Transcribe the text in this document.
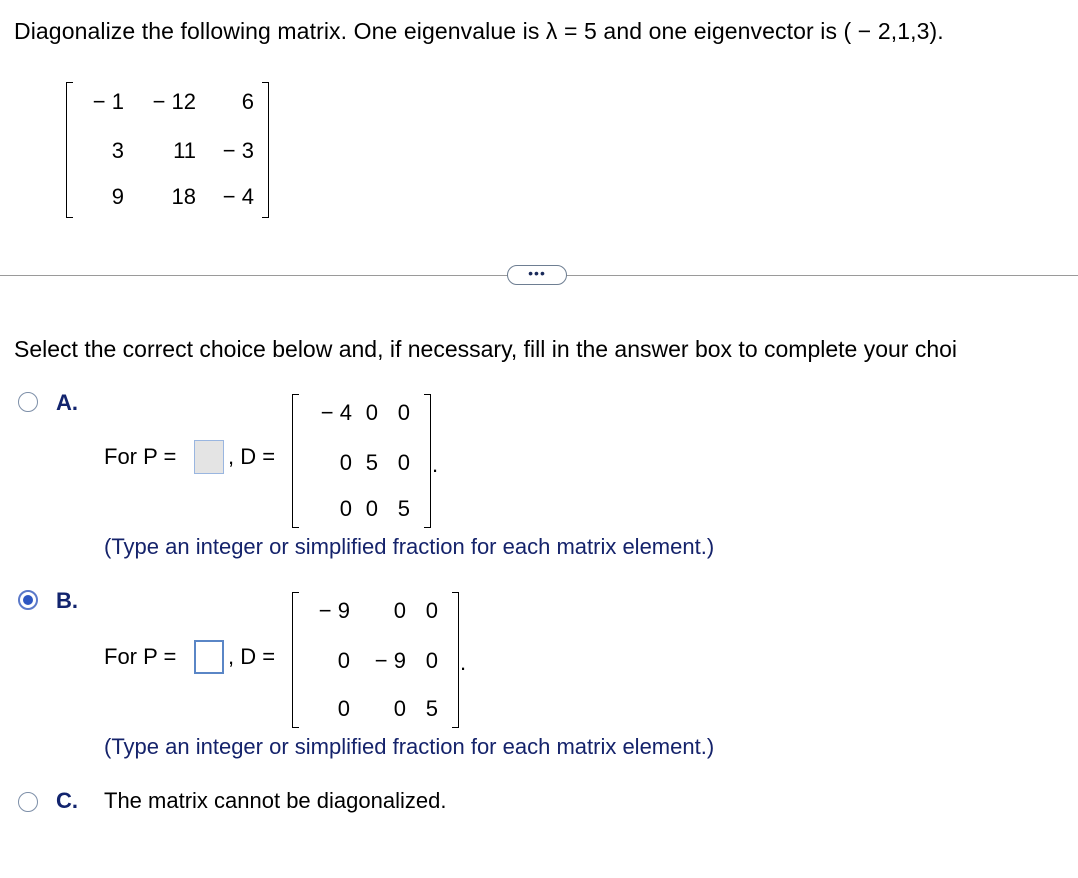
Diagonalize the following matrix. One eigenvalue is λ = 5 and one eigenvector is ( − 2,1,3).
− 1	− 12	6
3	11	− 3
9	18	− 4
•••
Select the correct choice below and, if necessary, fill in the answer box to complete your choi
A.
For P = , D =
− 4 0 0
0 5 0
0 0 5
.
(Type an integer or simplified fraction for each matrix element.)
B.
For P = , D =
− 9	0 0
0	− 9 0
0	0 5
.
(Type an integer or simplified fraction for each matrix element.)
C. The matrix cannot be diagonalized.
